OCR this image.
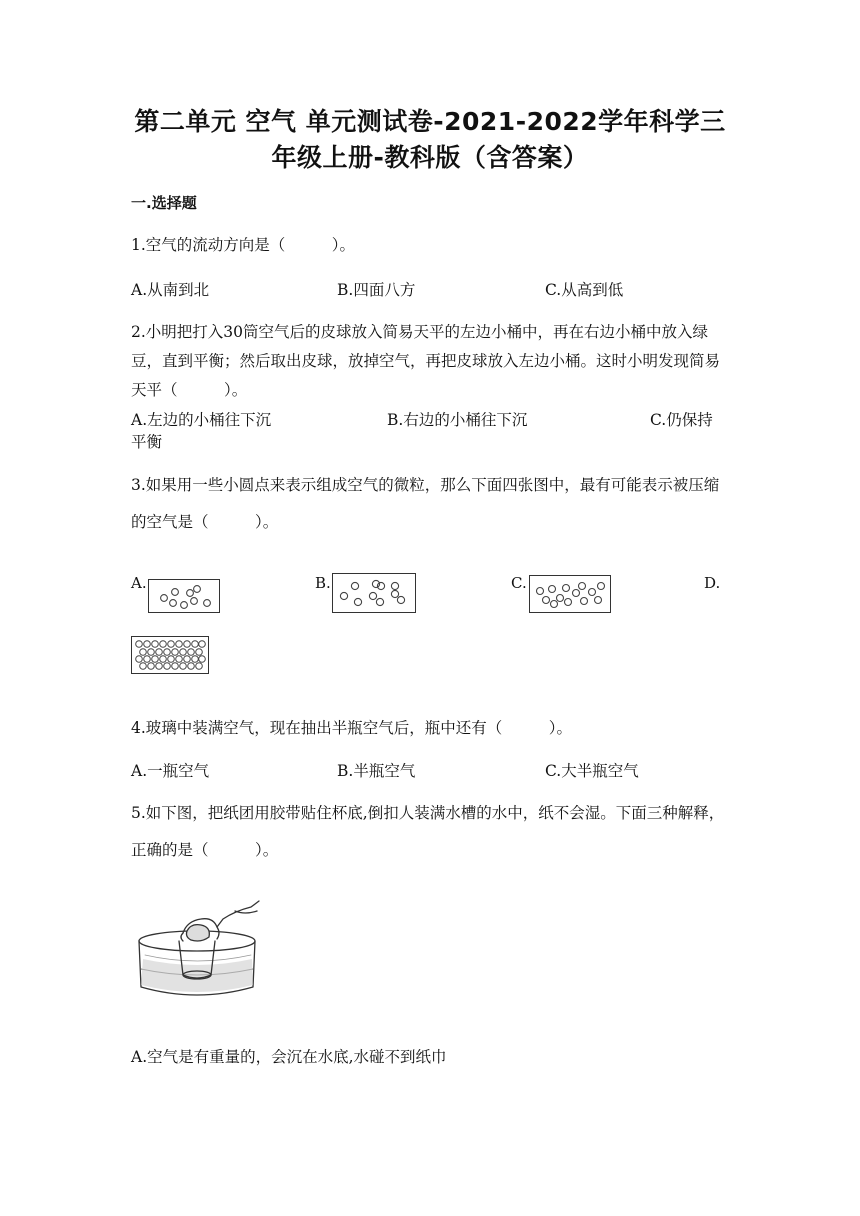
第二单元 空气 单元测试卷-2021-2022学年科学三
年级上册-教科版（含答案）
一.选择题
1.空气的流动方向是（　　　）。
A.从南到北	B.四面八方	C.从高到低
2.小明把打入30筒空气后的皮球放入简易天平的左边小桶中，再在右边小桶中放入绿豆，直到平衡；然后取出皮球，放掉空气，再把皮球放入左边小桶。这时小明发现简易天平（　　　）。
A.左边的小桶往下沉	B.右边的小桶往下沉	C.仍保持
平衡
3.如果用一些小圆点来表示组成空气的微粒，那么下面四张图中，最有可能表示被压缩的空气是（　　　）。
A.	B.	C.	D.
4.玻璃中装满空气，现在抽出半瓶空气后，瓶中还有（　　　）。
A.一瓶空气	B.半瓶空气	C.大半瓶空气
5.如下图，把纸团用胶带贴住杯底,倒扣人装满水槽的水中，纸不会湿。下面三种解释，正确的是（　　　）。
A.空气是有重量的，会沉在水底,水碰不到纸巾
